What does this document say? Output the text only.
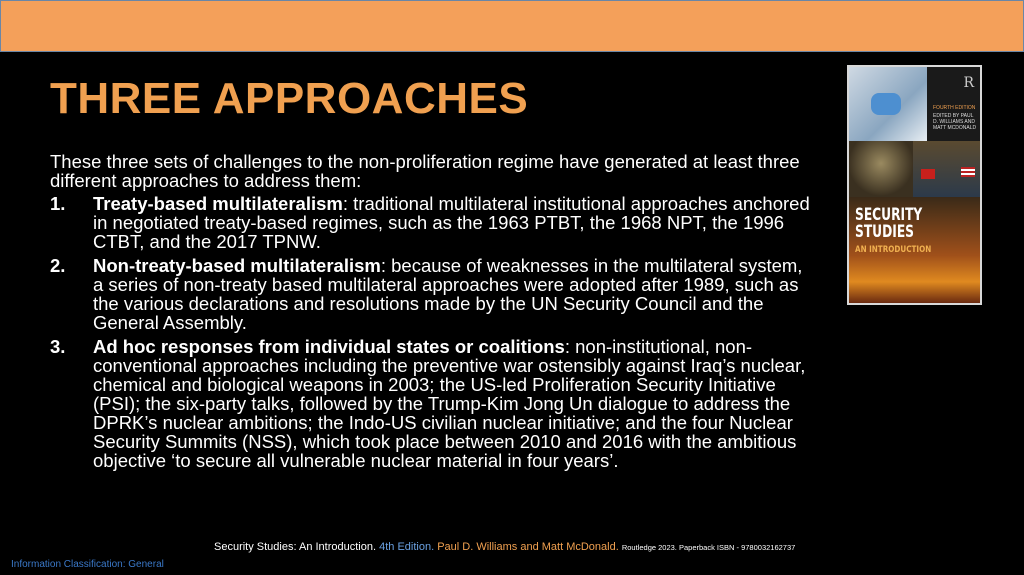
THREE APPROACHES

These three sets of challenges to the non-proliferation regime have generated at least three different approaches to address them:

1. Treaty-based multilateralism: traditional multilateral institutional approaches anchored in negotiated treaty-based regimes, such as the 1963 PTBT, the 1968 NPT, the 1996 CTBT, and the 2017 TPNW.
2. Non-treaty-based multilateralism: because of weaknesses in the multilateral system, a series of non-treaty based multilateral approaches were adopted after 1989, such as the various declarations and resolutions made by the UN Security Council and the General Assembly.
3. Ad hoc responses from individual states or coalitions: non-institutional, non-conventional approaches including the preventive war ostensibly against Iraq’s nuclear, chemical and biological weapons in 2003; the US-led Proliferation Security Initiative (PSI); the six-party talks, followed by the Trump-Kim Jong Un dialogue to address the DPRK’s nuclear ambitions; the Indo-US civilian nuclear initiative; and the four Nuclear Security Summits (NSS), which took place between 2010 and 2016 with the ambitious objective ‘to secure all vulnerable nuclear material in four years’.
R
FOURTH EDITION
EDITED BY PAUL D. WILLIAMS AND MATT MCDONALD
SECURITY
STUDIES
AN INTRODUCTION
Security Studies: An Introduction. 4th Edition. Paul D. Williams and Matt McDonald. Routledge 2023. Paperback ISBN - 9780032162737
Information Classification: General
